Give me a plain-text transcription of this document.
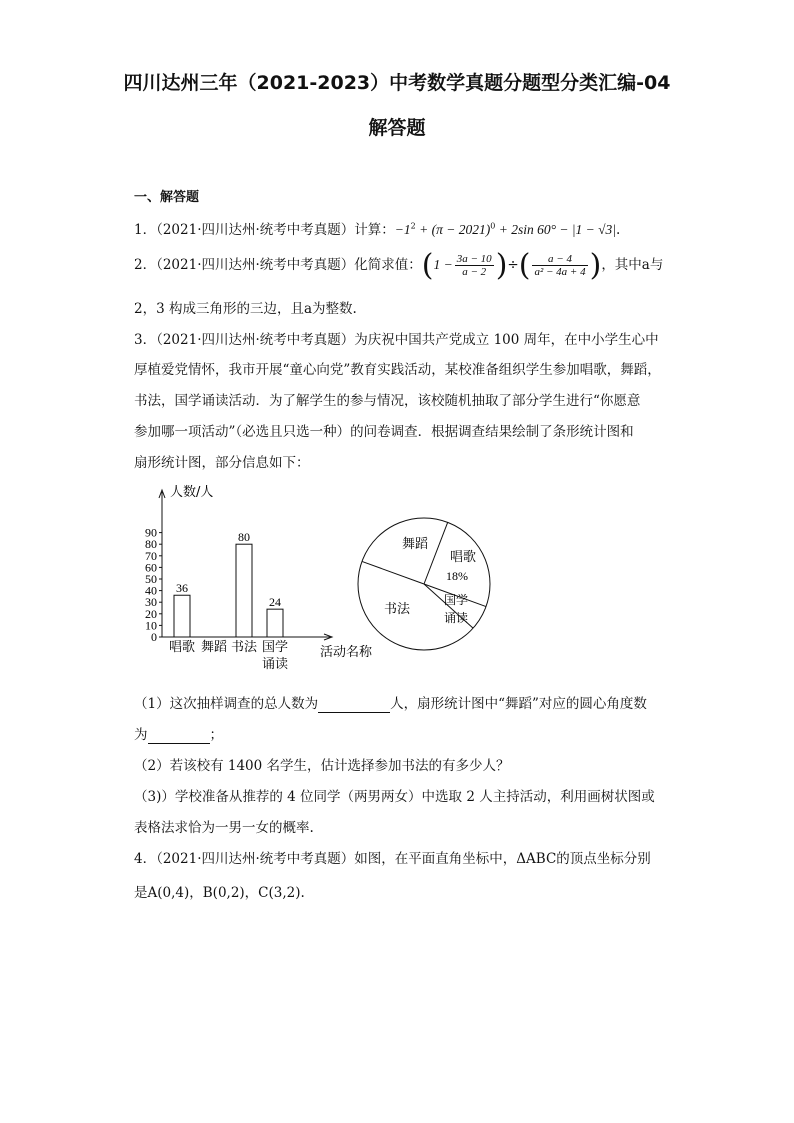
四川达州三年（2021-2023）中考数学真题分题型分类汇编-04
解答题
一、解答题
1．（2021·四川达州·统考中考真题）计算：$-1^2 + (\pi - 2021)^0 + 2\sin$ 60° − |1 − √3|.
2．（2021·四川达州·统考中考真题）化简求值：($1 - \frac{3a - 10}{a - 2}$ )÷( $\frac{a - 4}{\text{a² − 4a + 4}}$ )，其中a与
2，3 构成三角形的三边，且a为整数.
3．（2021·四川达州·统考中考真题）为庆祝中国共产党成立 100 周年，在中小学生心中
厚植爱党情怀，我市开展“童心向党”教育实践活动，某校准备组织学生参加唱歌，舞蹈，
书法，国学诵读活动．为了解学生的参与情况，该校随机抽取了部分学生进行“你愿意
参加哪一项活动”（必选且只选一种）的问卷调查．根据调查结果绘制了条形统计图和
扇形统计图，部分信息如下：
人数/人
0
10
20
30
40
50
60
70
80
90
36
唱歌 舞蹈
80
书法
24
国学
诵读
活动名称
舞蹈
唱歌
18%
国学
诵读
书法
（1）这次抽样调查的总人数为	人，扇形统计图中“舞蹈”对应的圆心角度数
为	；
（2）若该校有 1400 名学生，估计选择参加书法的有多少人？
（3)）学校准备从推荐的 4 位同学（两男两女）中选取 2 人主持活动，利用画树状图或
表格法求恰为一男一女的概率.
4．（2021·四川达州·统考中考真题）如图，在平面直角坐标中，ΔABC的顶点坐标分别
是A(0,4)，B(0,2)，C(3,2).
